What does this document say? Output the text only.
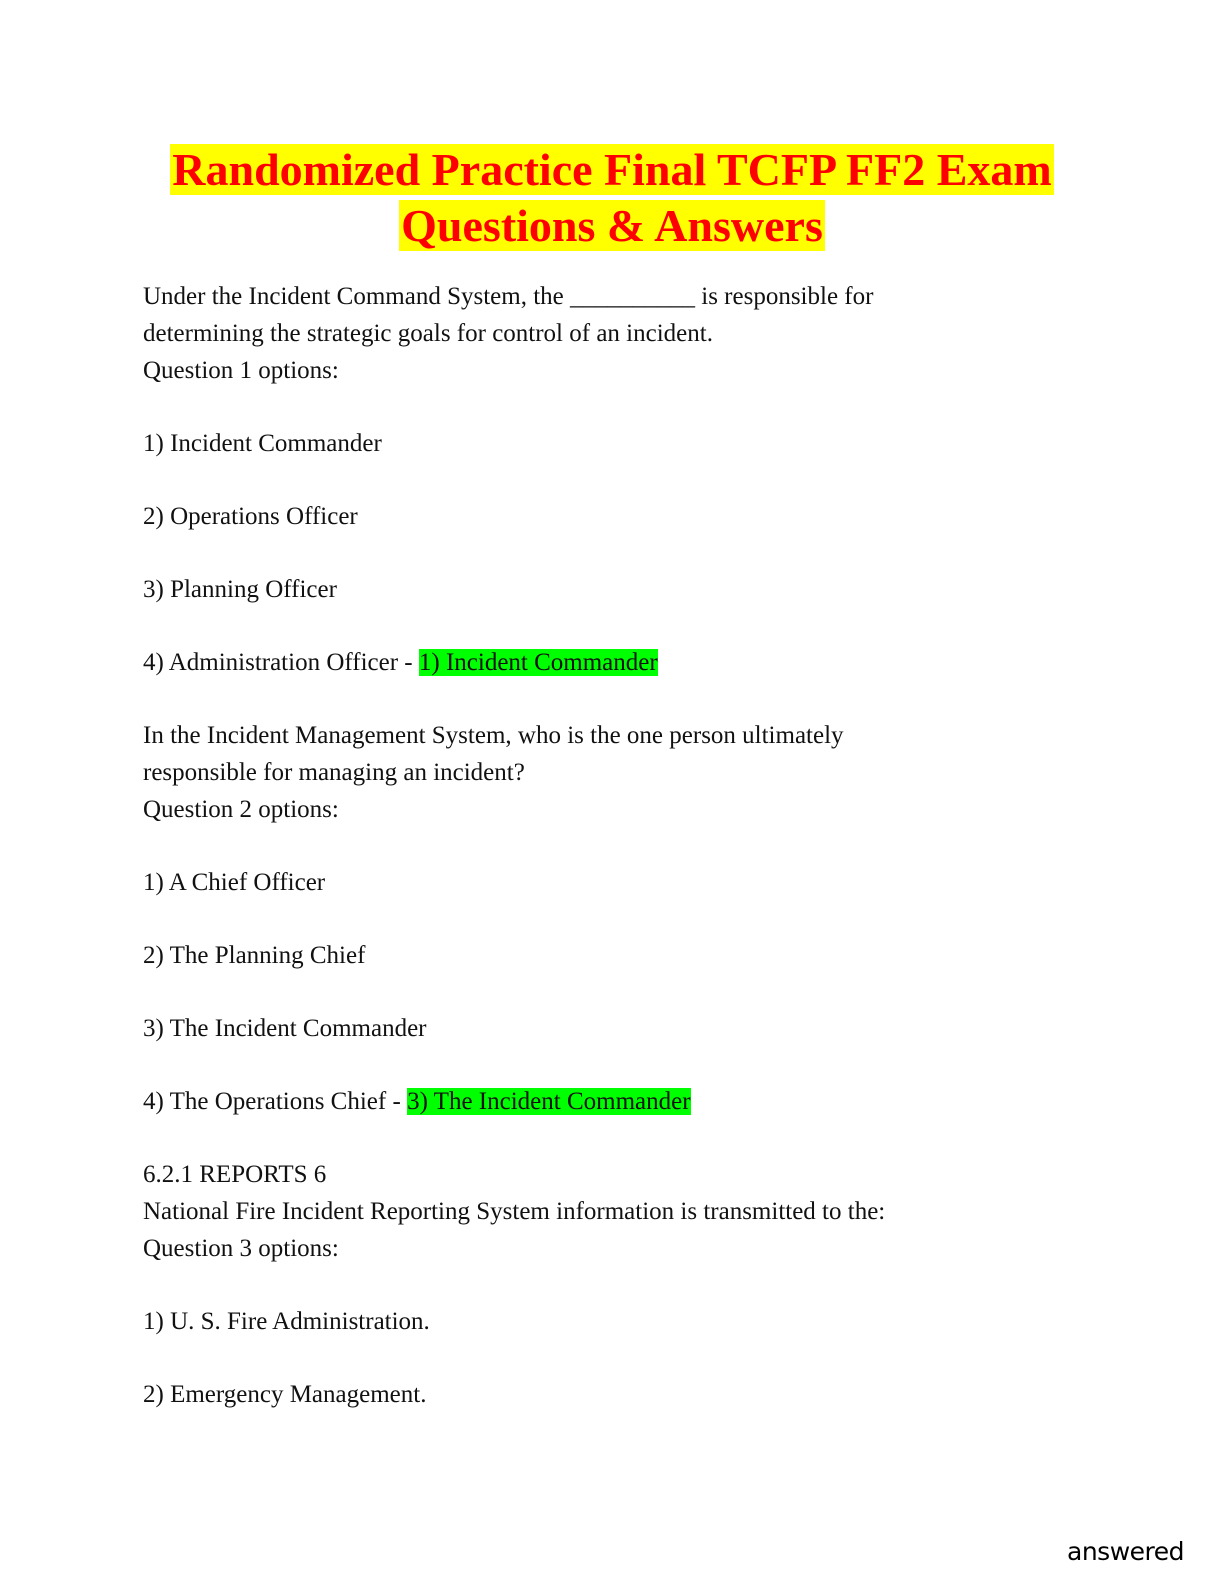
Randomized Practice Final TCFP FF2 Exam
Questions & Answers

Under the Incident Command System, the __________ is responsible for

determining the strategic goals for control of an incident.

Question 1 options:

1) Incident Commander

2) Operations Officer

3) Planning Officer

4) Administration Officer - 1) Incident Commander

In the Incident Management System, who is the one person ultimately

responsible for managing an incident?

Question 2 options:

1) A Chief Officer

2) The Planning Chief

3) The Incident Commander

4) The Operations Chief - 3) The Incident Commander

6.2.1 REPORTS 6

National Fire Incident Reporting System information is transmitted to the:

Question 3 options:

1) U. S. Fire Administration.

2) Emergency Management.

answered
